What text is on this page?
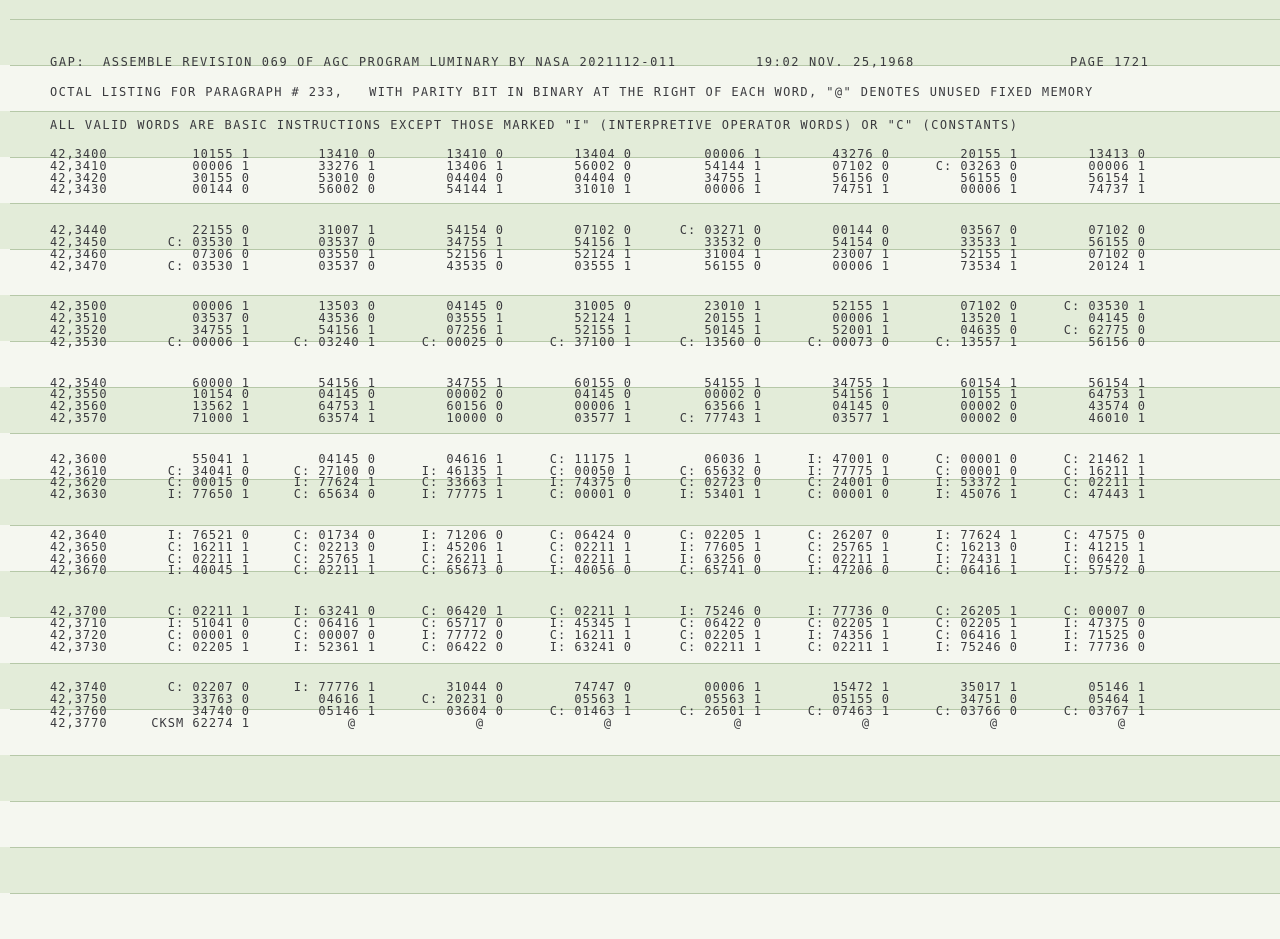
GAP:  ASSEMBLE REVISION 069 OF AGC PROGRAM LUMINARY BY NASA 2021112-011	19:02 NOV. 25,1968	PAGE 1721
OCTAL LISTING FOR PARAGRAPH # 233,   WITH PARITY BIT IN BINARY AT THE RIGHT OF EACH WORD, "@" DENOTES UNUSED FIXED MEMORY
ALL VALID WORDS ARE BASIC INSTRUCTIONS EXCEPT THOSE MARKED "I" (INTERPRETIVE OPERATOR WORDS) OR "C" (CONSTANTS)
42,3400	10155 1	13410 0	13410 0	13404 0	00006 1	43276 0	20155 1	13413 0
42,3410	00006 1	33276 1	13406 1	56002 0	54144 1	07102 0	C: 03263 0	00006 1
42,3420	30155 0	53010 0	04404 0	04404 0	34755 1	56156 0	56155 0	56154 1
42,3430	00144 0	56002 0	54144 1	31010 1	00006 1	74751 1	00006 1	74737 1
42,3440	22155 0	31007 1	54154 0	07102 0	C: 03271 0	00144 0	03567 0	07102 0
42,3450	C: 03530 1	03537 0	34755 1	54156 1	33532 0	54154 0	33533 1	56155 0
42,3460	07306 0	03550 1	52156 1	52124 1	31004 1	23007 1	52155 1	07102 0
42,3470	C: 03530 1	03537 0	43535 0	03555 1	56155 0	00006 1	73534 1	20124 1
42,3500	00006 1	13503 0	04145 0	31005 0	23010 1	52155 1	07102 0	C: 03530 1
42,3510	03537 0	43536 0	03555 1	52124 1	20155 1	00006 1	13520 1	04145 0
42,3520	34755 1	54156 1	07256 1	52155 1	50145 1	52001 1	04635 0	C: 62775 0
42,3530	C: 00006 1	C: 03240 1	C: 00025 0	C: 37100 1	C: 13560 0	C: 00073 0	C: 13557 1	56156 0
42,3540	60000 1	54156 1	34755 1	60155 0	54155 1	34755 1	60154 1	56154 1
42,3550	10154 0	04145 0	00002 0	04145 0	00002 0	54156 1	10155 1	64753 1
42,3560	13562 1	64753 1	60156 0	00006 1	63566 1	04145 0	00002 0	43574 0
42,3570	71000 1	63574 1	10000 0	03577 1	C: 77743 1	03577 1	00002 0	46010 1
42,3600	55041 1	04145 0	04616 1	C: 11175 1	06036 1	I: 47001 0	C: 00001 0	C: 21462 1
42,3610	C: 34041 0	C: 27100 0	I: 46135 1	C: 00050 1	C: 65632 0	I: 77775 1	C: 00001 0	C: 16211 1
42,3620	C: 00015 0	I: 77624 1	C: 33663 1	I: 74375 0	C: 02723 0	C: 24001 0	I: 53372 1	C: 02211 1
42,3630	I: 77650 1	C: 65634 0	I: 77775 1	C: 00001 0	I: 53401 1	C: 00001 0	I: 45076 1	C: 47443 1
42,3640	I: 76521 0	C: 01734 0	I: 71206 0	C: 06424 0	C: 02205 1	C: 26207 0	I: 77624 1	C: 47575 0
42,3650	C: 16211 1	C: 02213 0	I: 45206 1	C: 02211 1	I: 77605 1	C: 25765 1	C: 16213 0	I: 41215 1
42,3660	C: 02211 1	C: 25765 1	C: 26211 1	C: 02211 1	I: 63256 0	C: 02211 1	I: 72431 1	C: 06420 1
42,3670	I: 40045 1	C: 02211 1	C: 65673 0	I: 40056 0	C: 65741 0	I: 47206 0	C: 06416 1	I: 57572 0
42,3700	C: 02211 1	I: 63241 0	C: 06420 1	C: 02211 1	I: 75246 0	I: 77736 0	C: 26205 1	C: 00007 0
42,3710	I: 51041 0	C: 06416 1	C: 65717 0	I: 45345 1	C: 06422 0	C: 02205 1	C: 02205 1	I: 47375 0
42,3720	C: 00001 0	C: 00007 0	I: 77772 0	C: 16211 1	C: 02205 1	I: 74356 1	C: 06416 1	I: 71525 0
42,3730	C: 02205 1	I: 52361 1	C: 06422 0	I: 63241 0	C: 02211 1	C: 02211 1	I: 75246 0	I: 77736 0
42,3740	C: 02207 0	I: 77776 1	31044 0	74747 0	00006 1	15472 1	35017 1	05146 1
42,3750	33763 0	04616 1	C: 20231 0	05563 1	05563 1	05155 0	34751 0	05464 1
42,3760	34740 0	05146 1	03604 0	C: 01463 1	C: 26501 1	C: 07463 1	C: 03766 0	C: 03767 1
42,3770	CKSM 62274 1	@	@	@	@	@	@	@
